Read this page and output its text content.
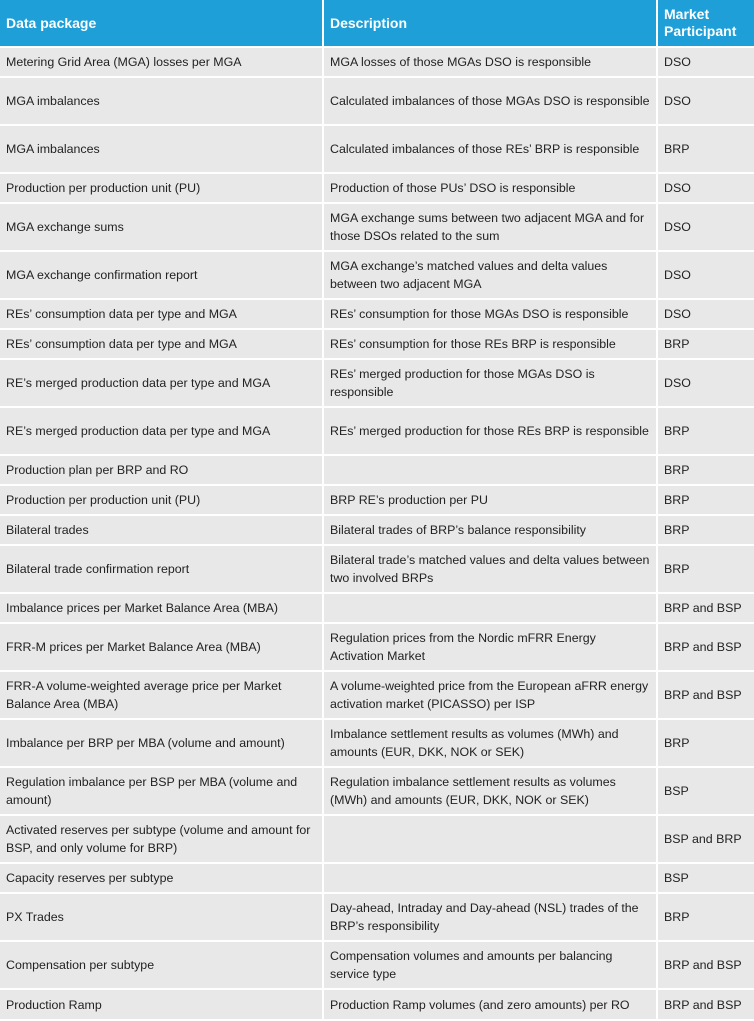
Data package	Description	Market Participant
Metering Grid Area (MGA) losses per MGA	MGA losses of those MGAs DSO is responsible	DSO
MGA imbalances	Calculated imbalances of those MGAs DSO is responsible	DSO
MGA imbalances	Calculated imbalances of those REs’ BRP is responsible	BRP
Production per production unit (PU)	Production of those PUs’ DSO is responsible	DSO
MGA exchange sums	MGA exchange sums between two adjacent MGA and for those DSOs related to the sum	DSO
MGA exchange confirmation report	MGA exchange’s matched values and delta values between two adjacent MGA	DSO
REs’ consumption data per type and MGA	REs’ consumption for those MGAs DSO is responsible	DSO
REs’ consumption data per type and MGA	REs’ consumption for those REs BRP is responsible	BRP
RE’s merged production data per type and MGA	REs’ merged production for those MGAs DSO is responsible	DSO
RE’s merged production data per type and MGA	REs’ merged production for those REs BRP is responsible	BRP
Production plan per BRP and RO		BRP
Production per production unit (PU)	BRP RE’s production per PU	BRP
Bilateral trades	Bilateral trades of BRP’s balance responsibility	BRP
Bilateral trade confirmation report	Bilateral trade’s matched values and delta values between two involved BRPs	BRP
Imbalance prices per Market Balance Area (MBA)		BRP and BSP
FRR-M prices per Market Balance Area (MBA)	Regulation prices from the Nordic mFRR Energy Activation Market	BRP and BSP
FRR-A volume-weighted average price per Market Balance Area (MBA)	A volume-weighted price from the European aFRR energy activation market (PICASSO) per ISP	BRP and BSP
Imbalance per BRP per MBA (volume and amount)	Imbalance settlement results as volumes (MWh) and amounts (EUR, DKK, NOK or SEK)	BRP
Regulation imbalance per BSP per MBA (volume and amount)	Regulation imbalance settlement results as volumes (MWh) and amounts (EUR, DKK, NOK or SEK)	BSP
Activated reserves per subtype (volume and amount for BSP, and only volume for BRP)		BSP and BRP
Capacity reserves per subtype		BSP
PX Trades	Day-ahead, Intraday and Day-ahead (NSL) trades of the BRP’s responsibility	BRP
Compensation per subtype	Compensation volumes and amounts per balancing service type	BRP and BSP
Production Ramp	Production Ramp volumes (and zero amounts) per RO	BRP and BSP
